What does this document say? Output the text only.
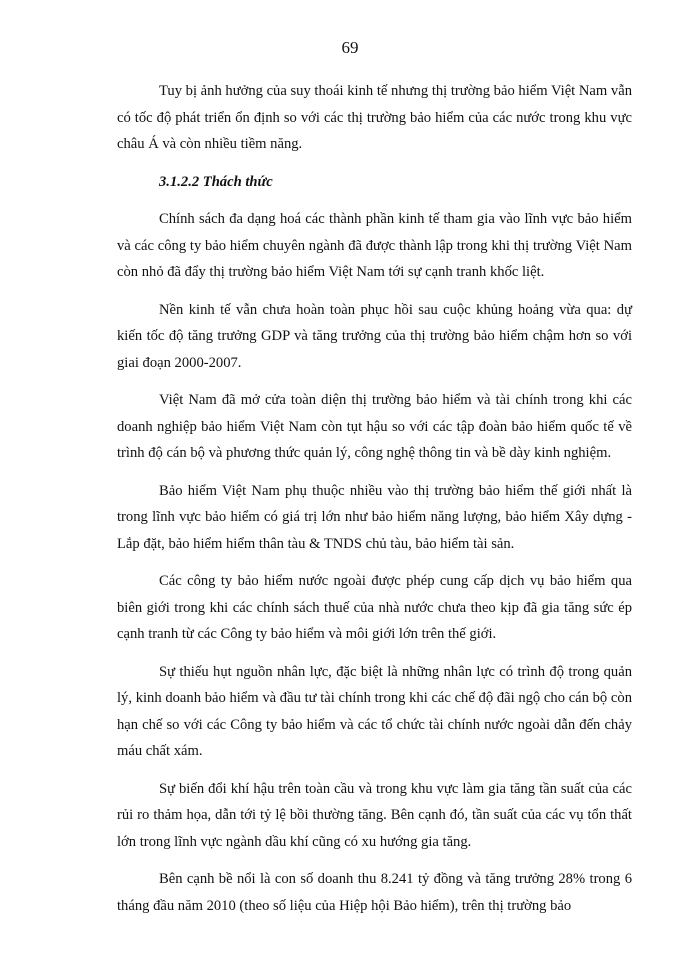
69

Tuy bị ảnh hưởng của suy thoái kinh tế nhưng thị trường bảo hiểm Việt Nam vẫn có tốc độ phát triển ổn định so với các thị trường bảo hiểm của các nước trong khu vực châu Á và còn nhiều tiềm năng.

3.1.2.2 Thách thức

Chính sách đa dạng hoá các thành phần kinh tế tham gia vào lĩnh vực bảo hiểm và các công ty bảo hiểm chuyên ngành đã được thành lập trong khi thị trường Việt Nam còn nhỏ đã đẩy thị trường bảo hiểm Việt Nam tới sự cạnh tranh khốc liệt.

Nền kinh tế vẫn chưa hoàn toàn phục hồi sau cuộc khủng hoảng vừa qua: dự kiến tốc độ tăng trưởng GDP và tăng trưởng của thị trường bảo hiểm chậm hơn so với giai đoạn 2000-2007.

Việt Nam đã mở cửa toàn diện thị trường bảo hiểm và tài chính trong khi các doanh nghiệp bảo hiểm Việt Nam còn tụt hậu so với các tập đoàn bảo hiểm quốc tế về trình độ cán bộ và phương thức quản lý, công nghệ thông tin và bề dày kinh nghiệm.

Bảo hiểm Việt Nam phụ thuộc nhiều vào thị trường bảo hiểm thế giới nhất là trong lĩnh vực bảo hiểm có giá trị lớn như bảo hiểm năng lượng, bảo hiểm Xây dựng - Lắp đặt, bảo hiểm hiểm thân tàu & TNDS chủ tàu, bảo hiểm tài sản.

Các công ty bảo hiểm nước ngoài được phép cung cấp dịch vụ bảo hiểm qua biên giới trong khi các chính sách thuế của nhà nước chưa theo kịp đã gia tăng sức ép cạnh tranh từ các Công ty bảo hiểm và môi giới lớn trên thế giới.

Sự thiếu hụt nguồn nhân lực, đặc biệt là những nhân lực có trình độ trong quản lý, kinh doanh bảo hiểm và đầu tư tài chính trong khi các chế độ đãi ngộ cho cán bộ còn hạn chế so với các Công ty bảo hiểm và các tổ chức tài chính nước ngoài dẫn đến chảy máu chất xám.

Sự biến đổi khí hậu trên toàn cầu và trong khu vực làm gia tăng tần suất của các rủi ro thảm họa, dẫn tới tỷ lệ bồi thường tăng. Bên cạnh đó, tần suất của các vụ tổn thất lớn trong lĩnh vực ngành dầu khí cũng có xu hướng gia tăng.

Bên cạnh bề nổi là con số doanh thu 8.241 tỷ đồng và tăng trưởng 28% trong 6 tháng đầu năm 2010 (theo số liệu của Hiệp hội Bảo hiểm), trên thị trường bảo
